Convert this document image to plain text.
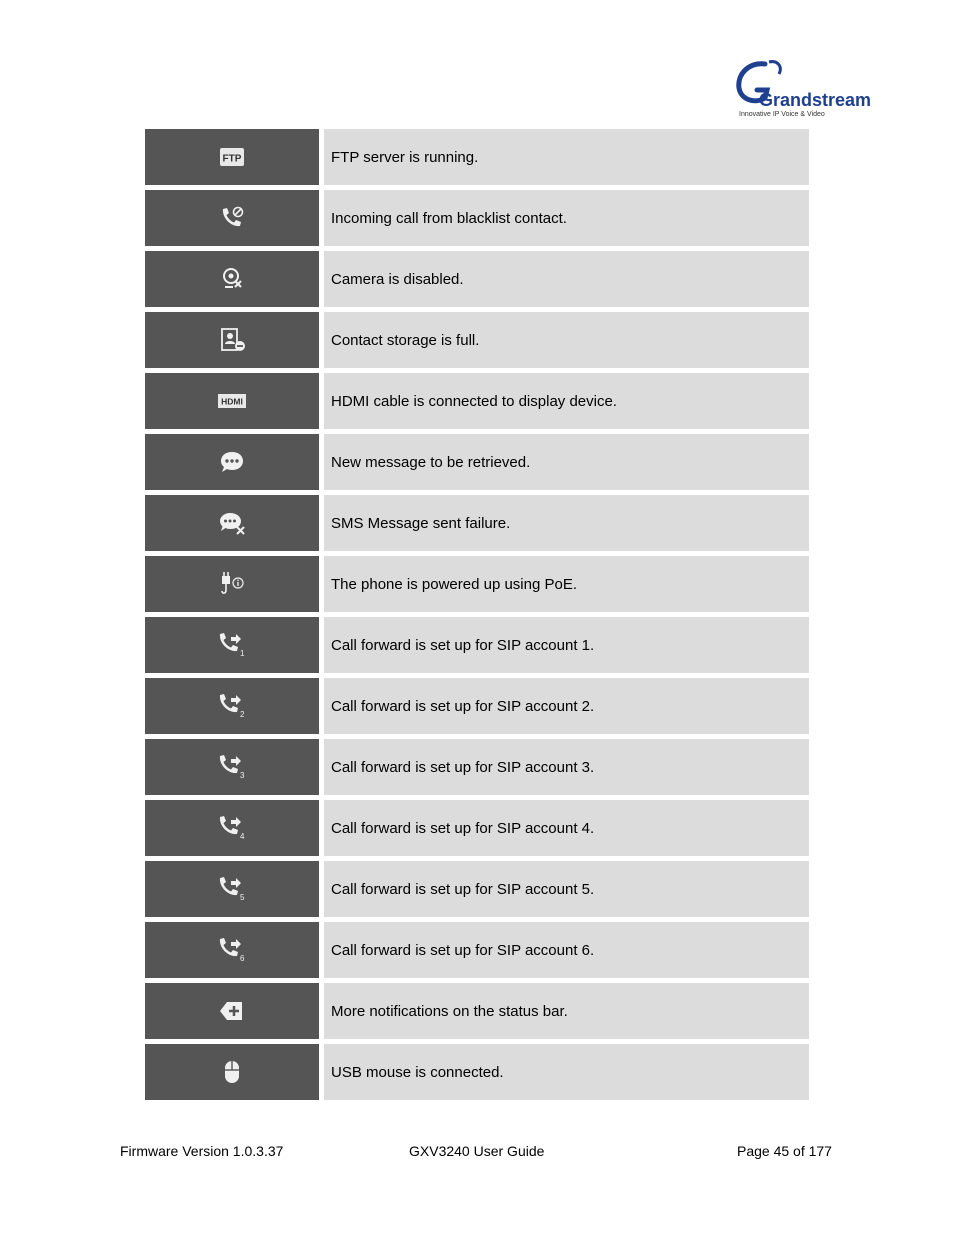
Grandstream
Innovative IP Voice & Video
FTP		FTP server is running.

		Incoming call from blacklist contact.

		Camera is disabled.

		Contact storage is full.

HDMI		HDMI cable is connected to display device.

		New message to be retrieved.

		SMS Message sent failure.

		The phone is powered up using PoE.

1		Call forward is set up for SIP account 1.

2		Call forward is set up for SIP account 2.

3		Call forward is set up for SIP account 3.

4		Call forward is set up for SIP account 4.

5		Call forward is set up for SIP account 5.

6		Call forward is set up for SIP account 6.

		More notifications on the status bar.

		USB mouse is connected.
Firmware Version 1.0.3.37	GXV3240 User Guide	Page 45 of 177
